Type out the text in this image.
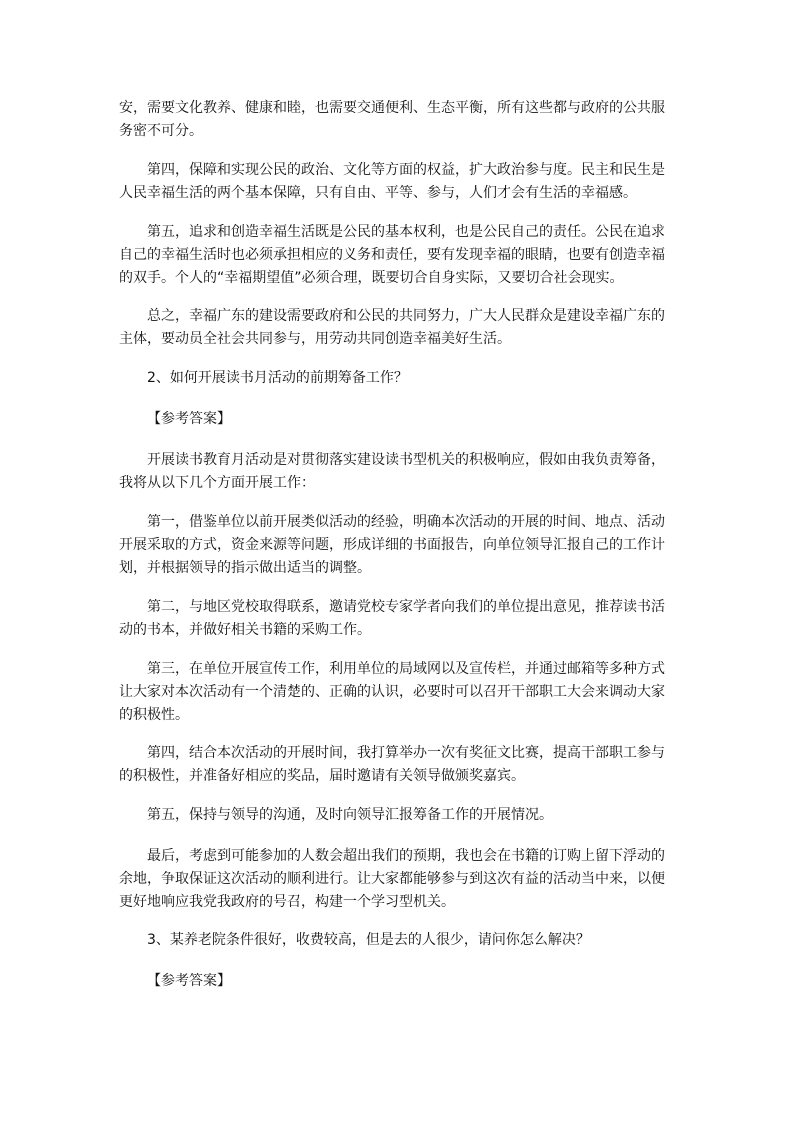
安，需要文化教养、健康和睦，也需要交通便利、生态平衡，所有这些都与政府的公共服务密不可分。

第四，保障和实现公民的政治、文化等方面的权益，扩大政治参与度。民主和民生是人民幸福生活的两个基本保障，只有自由、平等、参与，人们才会有生活的幸福感。

第五，追求和创造幸福生活既是公民的基本权利，也是公民自己的责任。公民在追求自己的幸福生活时也必须承担相应的义务和责任，要有发现幸福的眼睛，也要有创造幸福的双手。个人的“幸福期望值”必须合理，既要切合自身实际，又要切合社会现实。

总之，幸福广东的建设需要政府和公民的共同努力，广大人民群众是建设幸福广东的主体，要动员全社会共同参与，用劳动共同创造幸福美好生活。

2、如何开展读书月活动的前期筹备工作？

【参考答案】

开展读书教育月活动是对贯彻落实建设读书型机关的积极响应，假如由我负责筹备，我将从以下几个方面开展工作：

第一，借鉴单位以前开展类似活动的经验，明确本次活动的开展的时间、地点、活动开展采取的方式，资金来源等问题，形成详细的书面报告，向单位领导汇报自己的工作计划，并根据领导的指示做出适当的调整。

第二，与地区党校取得联系，邀请党校专家学者向我们的单位提出意见，推荐读书活动的书本，并做好相关书籍的采购工作。

第三，在单位开展宣传工作，利用单位的局域网以及宣传栏，并通过邮箱等多种方式让大家对本次活动有一个清楚的、正确的认识，必要时可以召开干部职工大会来调动大家的积极性。

第四，结合本次活动的开展时间，我打算举办一次有奖征文比赛，提高干部职工参与的积极性，并准备好相应的奖品，届时邀请有关领导做颁奖嘉宾。

第五，保持与领导的沟通，及时向领导汇报筹备工作的开展情况。

最后，考虑到可能参加的人数会超出我们的预期，我也会在书籍的订购上留下浮动的余地，争取保证这次活动的顺利进行。让大家都能够参与到这次有益的活动当中来，以便更好地响应我党我政府的号召，构建一个学习型机关。

3、某养老院条件很好，收费较高，但是去的人很少，请问你怎么解决？

【参考答案】
